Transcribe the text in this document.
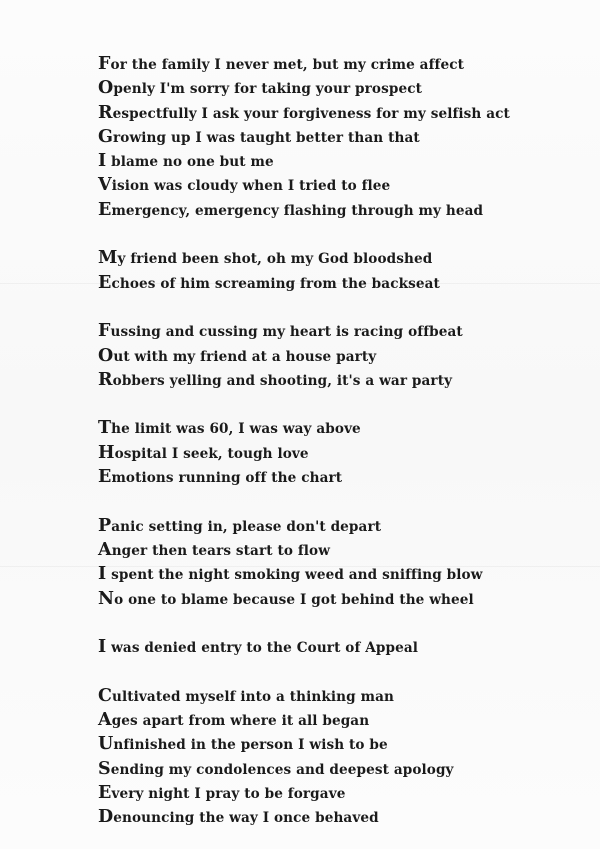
For the family I never met, but my crime affect
Openly I'm sorry for taking your prospect
Respectfully I ask your forgiveness for my selfish act
Growing up I was taught better than that
I blame no one but me
Vision was cloudy when I tried to flee
Emergency, emergency flashing through my head
My friend been shot, oh my God bloodshed
Echoes of him screaming from the backseat
Fussing and cussing my heart is racing offbeat
Out with my friend at a house party
Robbers yelling and shooting, it's a war party
The limit was 60, I was way above
Hospital I seek, tough love
Emotions running off the chart
Panic setting in, please don't depart
Anger then tears start to flow
I spent the night smoking weed and sniffing blow
No one to blame because I got behind the wheel
I was denied entry to the Court of Appeal
Cultivated myself into a thinking man
Ages apart from where it all began
Unfinished in the person I wish to be
Sending my condolences and deepest apology
Every night I pray to be forgave
Denouncing the way I once behaved
